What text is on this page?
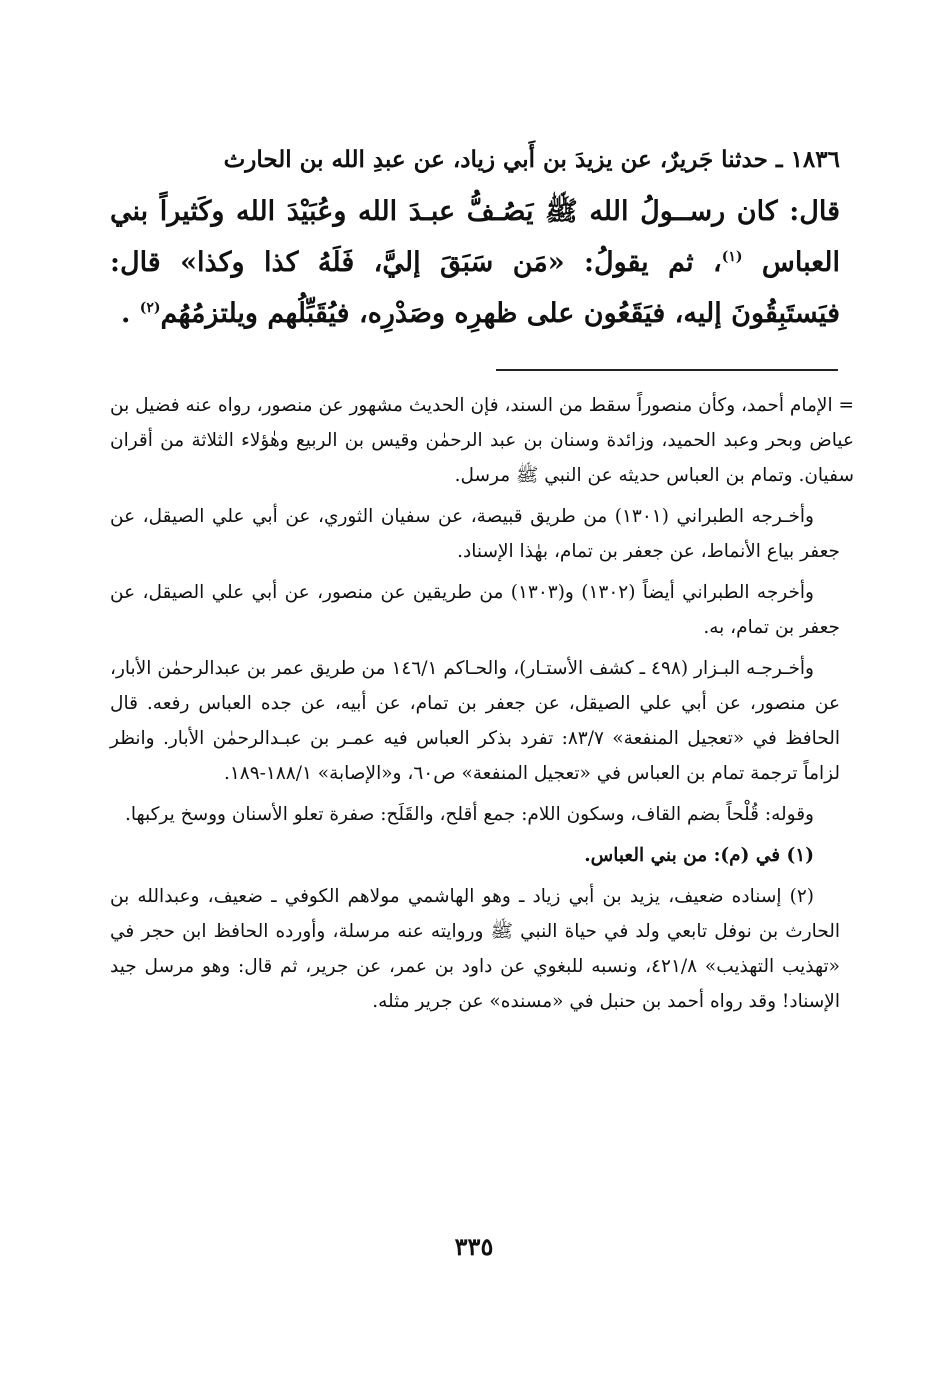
١٨٣٦ ـ حدثنا جَريرٌ، عن يزيدَ بن أَبي زياد، عن عبدِ الله بن الحارث

قال: كان رســولُ الله ﷺ يَصُـفُّ عبـدَ الله وعُبَيْدَ الله وكَثيراً بني العباس $^{(١)}$، ثم يقولُ: «مَن سَبَقَ إليَّ، فَلَهُ كذا وكذا» قال: فيَستَبِقُونَ إليه، فيَقَعُون على ظهرِه وصَدْرِه، فيُقَبِّلُهم ويلتزمُهُم$^{(٢)}$ .

= الإمام أحمد، وكأن منصوراً سقط من السند، فإن الحديث مشهور عن منصور، رواه عنه فضيل بن عياض وبحر وعبد الحميد، وزائدة وسنان بن عبد الرحمٰن وقيس بن الربيع وهٰؤلاء الثلاثة من أقران سفيان. وتمام بن العباس حديثه عن النبي ﷺ مرسل.

وأخـرجه الطبراني (١٣٠١) من طريق قبيصة، عن سفيان الثوري، عن أبي علي الصيقل، عن جعفر بياع الأنماط، عن جعفر بن تمام، بهٰذا الإسناد.

وأخرجه الطبراني أيضاً (١٣٠٢) و(١٣٠٣) من طريقين عن منصور، عن أبي علي الصيقل، عن جعفر بن تمام، به.

وأخـرجـه البـزار (٤٩٨ ـ كشف الأستـار)، والحـاكم ١٤٦/١ من طريق عمر بن عبدالرحمٰن الأبار، عن منصور، عن أبي علي الصيقل، عن جعفر بن تمام، عن أبيه، عن جده العباس رفعه. قال الحافظ في «تعجيل المنفعة» ٨٣/٧: تفرد بذكر العباس فيه عمـر بن عبـدالرحمٰن الأبار. وانظر لزاماً ترجمة تمام بن العباس في «تعجيل المنفعة» ص٦٠، و«الإصابة» ١٨٨/١-١٨٩.

وقوله: قُلْحاً بضم القاف، وسكون اللام: جمع أقلح، والقَلَح: صفرة تعلو الأسنان ووسخ يركبها.

(١) في (م): من بني العباس.

(٢) إسناده ضعيف، يزيد بن أبي زياد ـ وهو الهاشمي مولاهم الكوفي ـ ضعيف، وعبدالله بن الحارث بن نوفل تابعي ولد في حياة النبي ﷺ وروايته عنه مرسلة، وأورده الحافظ ابن حجر في «تهذيب التهذيب» ٤٢١/٨، ونسبه للبغوي عن داود بن عمر، عن جرير، ثم قال: وهو مرسل جيد الإسناد! وقد رواه أحمد بن حنبل في «مسنده» عن جرير مثله.

٣٣٥
